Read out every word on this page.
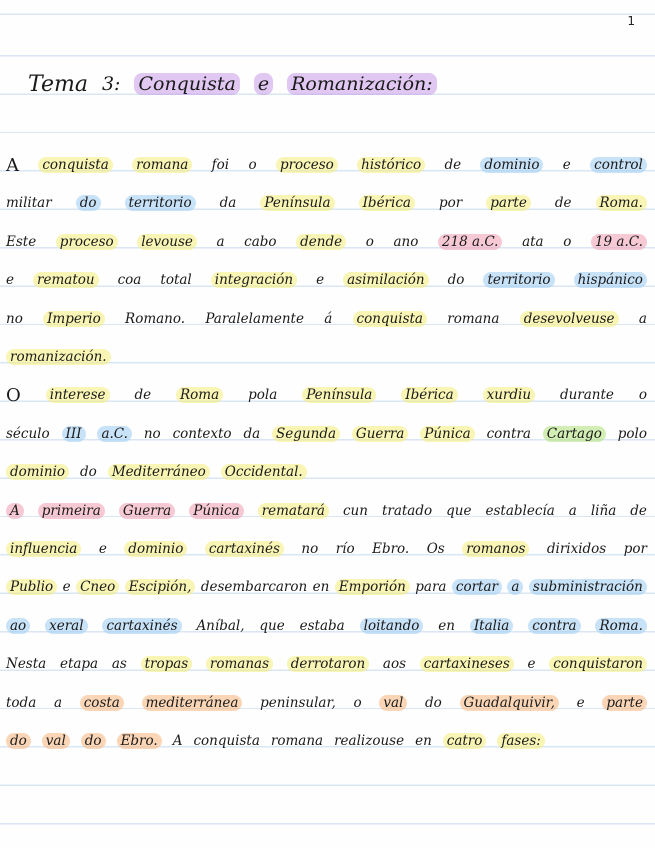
1
Tema 3: Conquista e Romanización:
A conquista romana foi o proceso histórico de dominio e control
militar do territorio da Península Ibérica por parte de Roma.
Este proceso levouse a cabo dende o ano 218 a.C. ata o 19 a.C.
e rematou coa total integración e asimilación do territorio hispánico
no Imperio Romano. Paralelamente á conquista romana desevolveuse a
romanización.
O interese de Roma pola Península Ibérica xurdiu durante o
século III a.C. no contexto da Segunda Guerra Púnica contra Cartago polo
dominio do Mediterráneo Occidental.
A primeira Guerra Púnica rematará cun tratado que establecía a liña de
influencia e dominio cartaxinés no río Ebro. Os romanos dirixidos por
Publio e Cneo Escipión, desembarcaron en Emporión para cortar a subministración
ao xeral cartaxinés Aníbal, que estaba loitando en Italia contra Roma.
Nesta etapa as tropas romanas derrotaron aos cartaxineses e conquistaron
toda a costa mediterránea peninsular, o val do Guadalquivir, e parte
do val do Ebro. A conquista romana realizouse en catro fases:
